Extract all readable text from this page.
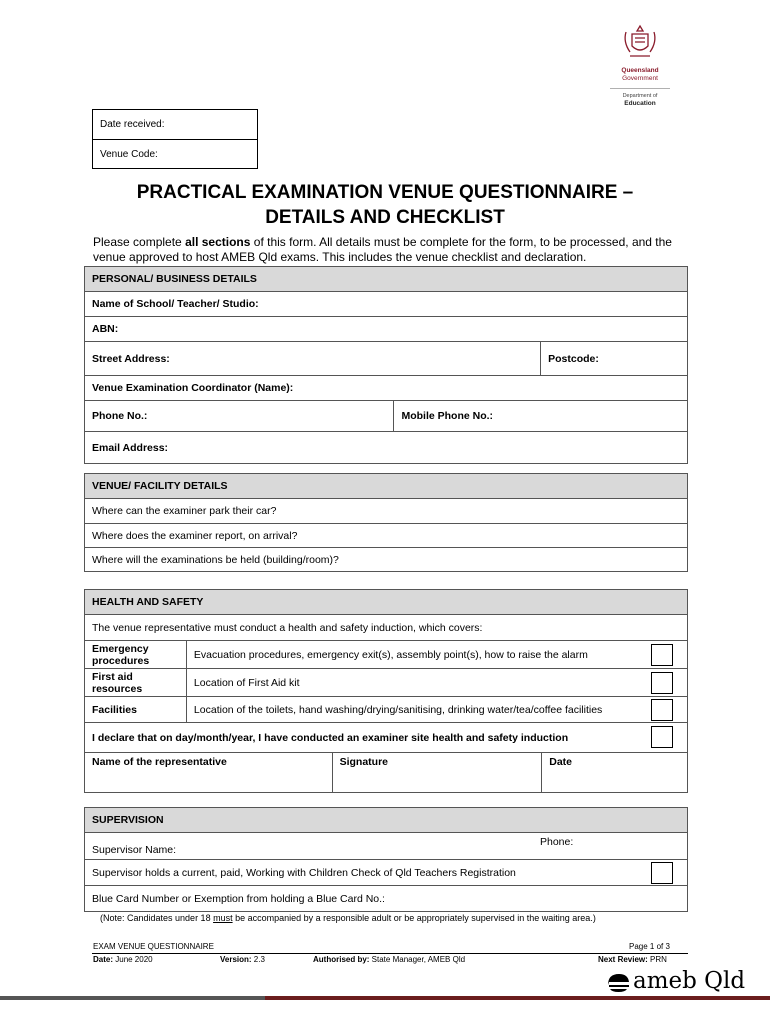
Queensland
Government
Department of
Education
Date received:
Venue Code:
PRACTICAL EXAMINATION VENUE QUESTIONNAIRE –
DETAILS AND CHECKLIST
Please complete all sections of this form. All details must be complete for the form, to be processed, and the venue approved to host AMEB Qld exams. This includes the venue checklist and declaration.
PERSONAL/ BUSINESS DETAILS		
Name of School/ Teacher/ Studio:		
ABN:		
Street Address:		Postcode:
Venue Examination Coordinator (Name):		
Phone No.:	Mobile Phone No.:	
Email Address:		
VENUE/ FACILITY DETAILS
Where can the examiner park their car?
Where does the examiner report, on arrival?
Where will the examinations be held (building/room)?
HEALTH AND SAFETY			
The venue representative must conduct a health and safety induction, which covers:			
Emergency procedures	Evacuation procedures, emergency exit(s), assembly point(s), how to raise the alarm		

First aid resources	Location of First Aid kit		

Facilities	Location of the toilets, hand washing/drying/sanitising, drinking water/tea/coffee facilities		

I declare that on day/month/year, I have conducted an examiner site health and safety induction			

Name of the representative		Signature	Date
SUPERVISION
Supervisor Name:
Phone:

Supervisor holds a current, paid, Working with Children Check of Qld Teachers Registration

Blue Card Number or Exemption from holding a Blue Card No.:
(Note: Candidates under 18 must be accompanied by a responsible adult or be appropriately supervised in the waiting area.)
EXAM VENUE QUESTIONNAIRE	Page 1 of 3
Date: June 2020	Version: 2.3	Authorised by: State Manager, AMEB Qld	Next Review: PRN
ameb Qld
